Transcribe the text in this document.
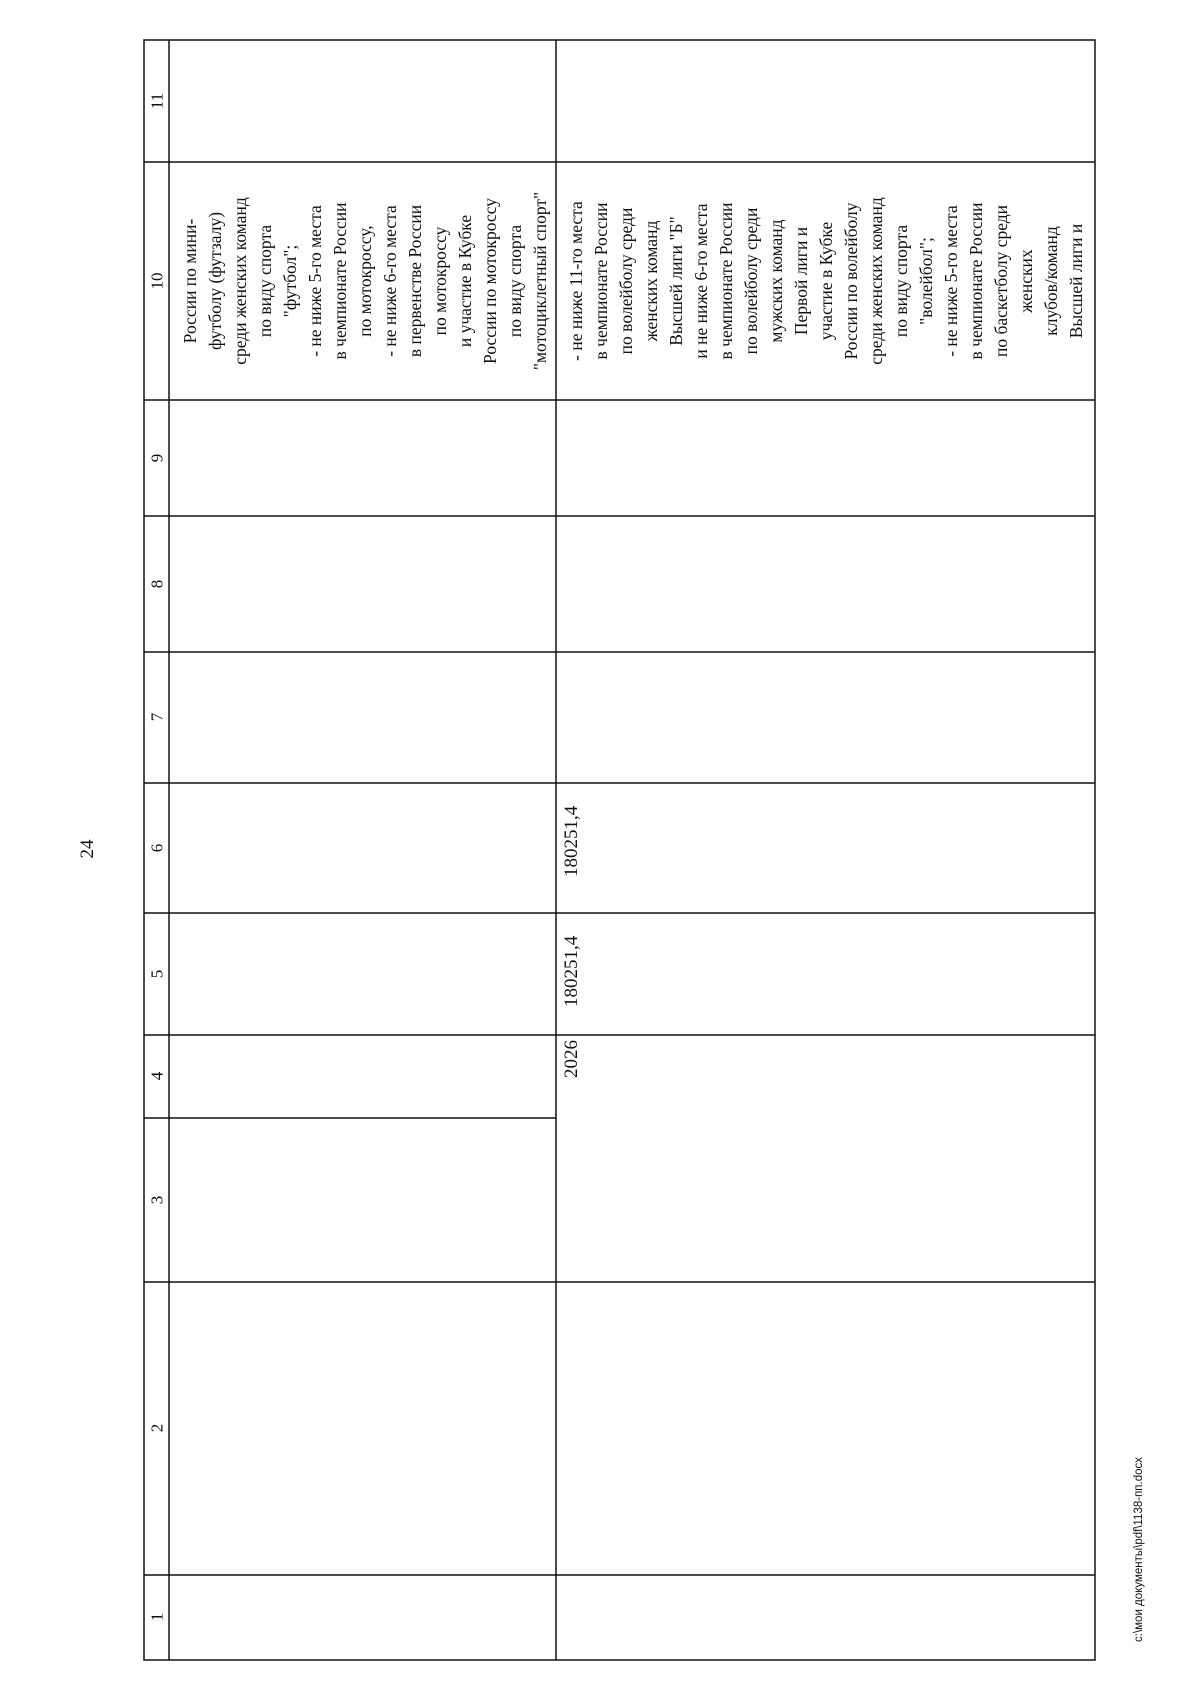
24
1
2
3
4
5
6
7
8
9
10
11
2026
180251,4
180251,4
России по мини- футболу (футзалу) среди женских команд по виду спорта "футбол"; - не ниже 5-го места в чемпионате России по мотокроссу, - не ниже 6-го места в первенстве России по мотокроссу и участие в Кубке России по мотокроссу по виду спорта "мотоциклетный спорт" - не ниже 11-го места в чемпионате России по волейболу среди женских команд Высшей лиги "Б" и не ниже 6-го места в чемпионате России по волейболу среди мужских команд Первой лиги и участие в Кубке России по волейболу среди женских команд по виду спорта "волейбол"; - не ниже 5-го места в чемпионате России по баскетболу среди женских клубов/команд Высшей лиги и
c:\мои документы\pdf\1138-пп.docx
